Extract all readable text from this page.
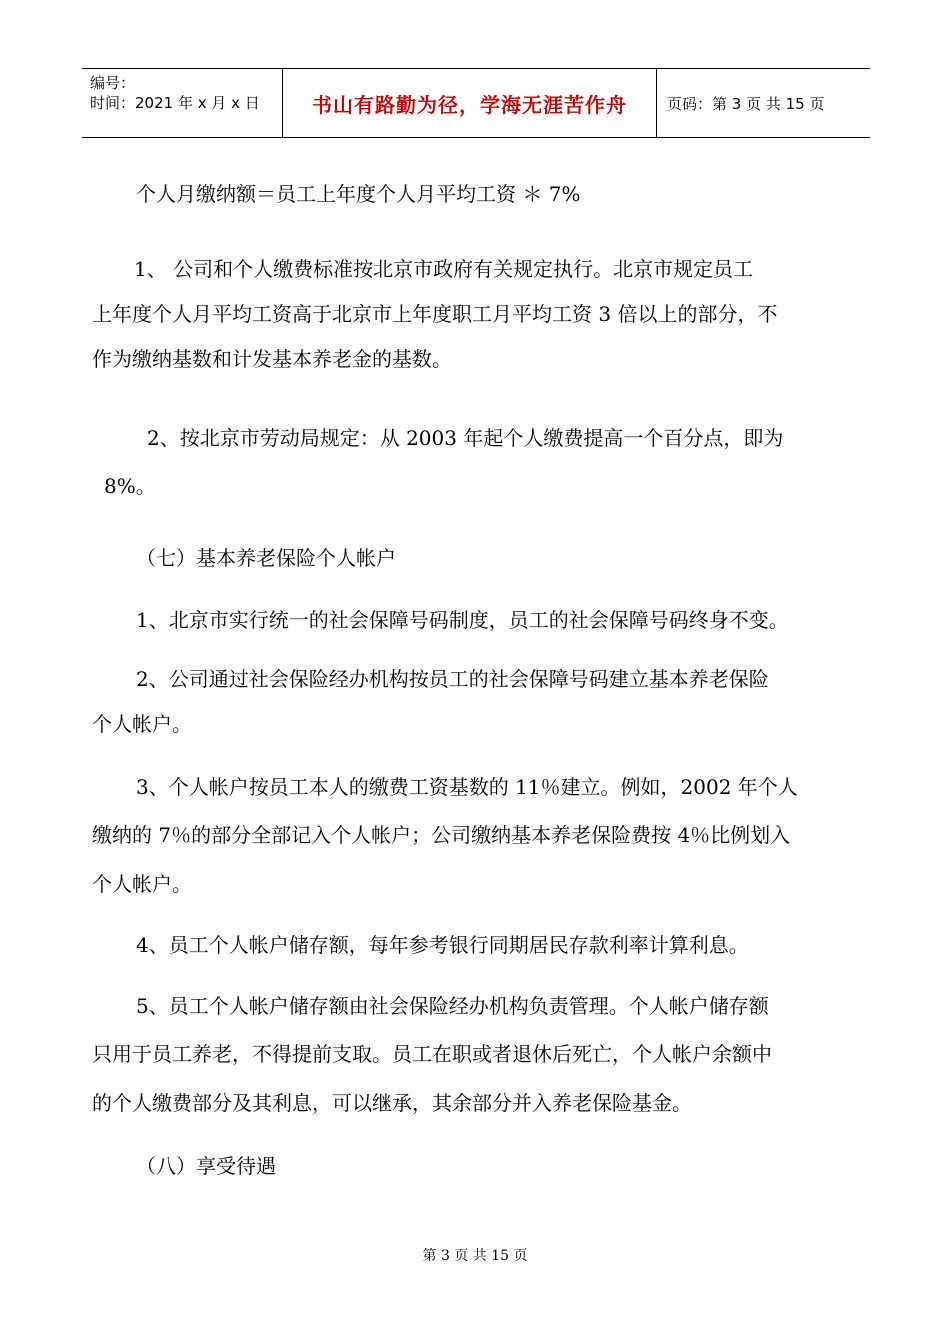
编号：
时间：2021 年 x 月 x 日	书山有路勤为径，学海无涯苦作舟	页码：第 3 页 共 15 页

个人月缴纳额＝员工上年度个人月平均工资 ＊ 7%

1、 公司和个人缴费标准按北京市政府有关规定执行。北京市规定员工

上年度个人月平均工资高于北京市上年度职工月平均工资 3 倍以上的部分，不

作为缴纳基数和计发基本养老金的基数。

2、按北京市劳动局规定：从 2003 年起个人缴费提高一个百分点，即为

8%。

（七）基本养老保险个人帐户

1、北京市实行统一的社会保障号码制度，员工的社会保障号码终身不变。

2、公司通过社会保险经办机构按员工的社会保障号码建立基本养老保险

个人帐户。

3、个人帐户按员工本人的缴费工资基数的 11％建立。例如，2002 年个人

缴纳的 7％的部分全部记入个人帐户；公司缴纳基本养老保险费按 4％比例划入

个人帐户。

4、员工个人帐户储存额，每年参考银行同期居民存款利率计算利息。

5、员工个人帐户储存额由社会保险经办机构负责管理。个人帐户储存额

只用于员工养老，不得提前支取。员工在职或者退休后死亡，个人帐户余额中

的个人缴费部分及其利息，可以继承，其余部分并入养老保险基金。

（八）享受待遇

第 3 页 共 15 页
